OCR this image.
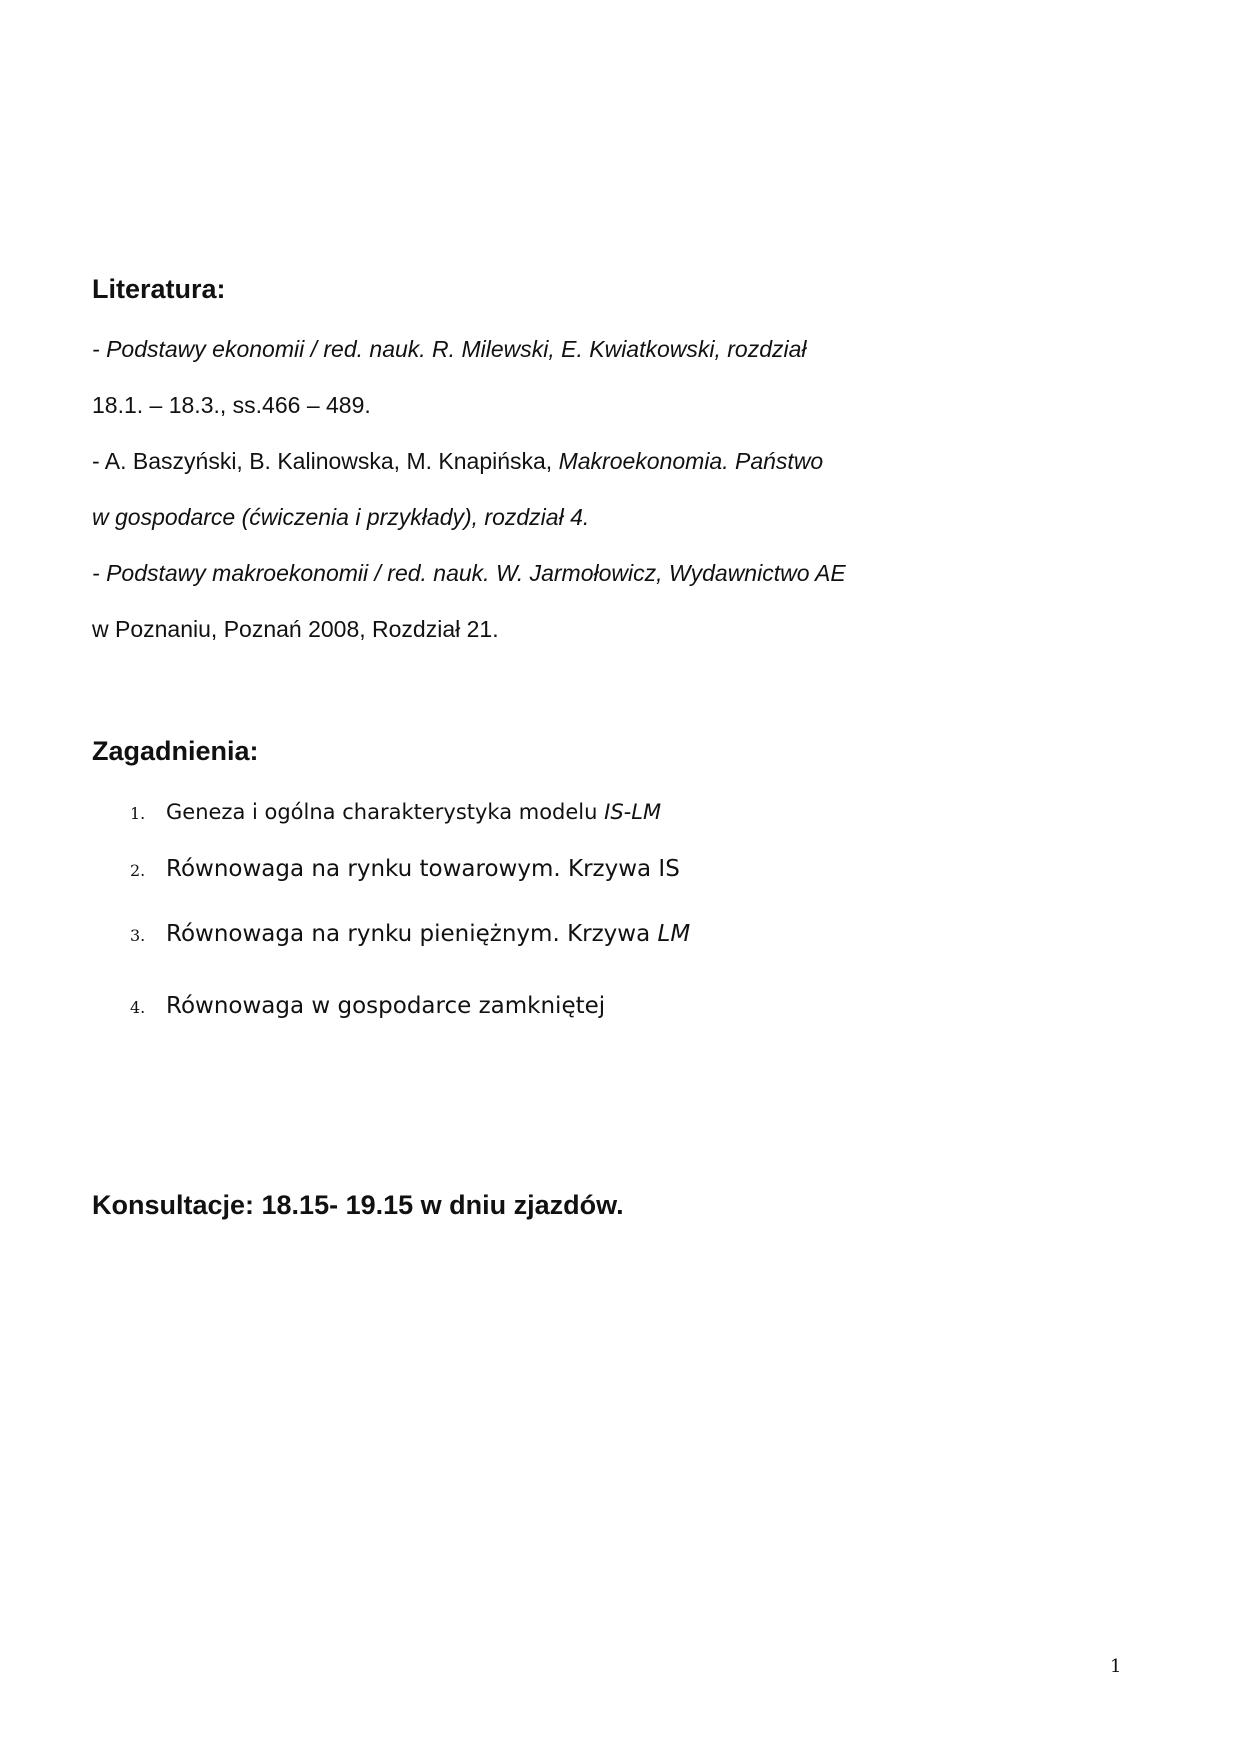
Literatura:

- Podstawy ekonomii / red. nauk. R. Milewski, E. Kwiatkowski, rozdział

18.1. – 18.3., ss.466 – 489.

- A. Baszyński, B. Kalinowska, M. Knapińska, Makroekonomia. Państwo

w gospodarce (ćwiczenia i przykłady), rozdział 4.

- Podstawy makroekonomii / red. nauk. W. Jarmołowicz, Wydawnictwo AE

w Poznaniu, Poznań 2008, Rozdział 21.

Zagadnienia:

1. Geneza i ogólna charakterystyka modelu IS-LM

2. Równowaga na rynku towarowym. Krzywa IS

3. Równowaga na rynku pieniężnym. Krzywa LM

4. Równowaga w gospodarce zamkniętej

Konsultacje: 18.15- 19.15 w dniu zjazdów.

1
